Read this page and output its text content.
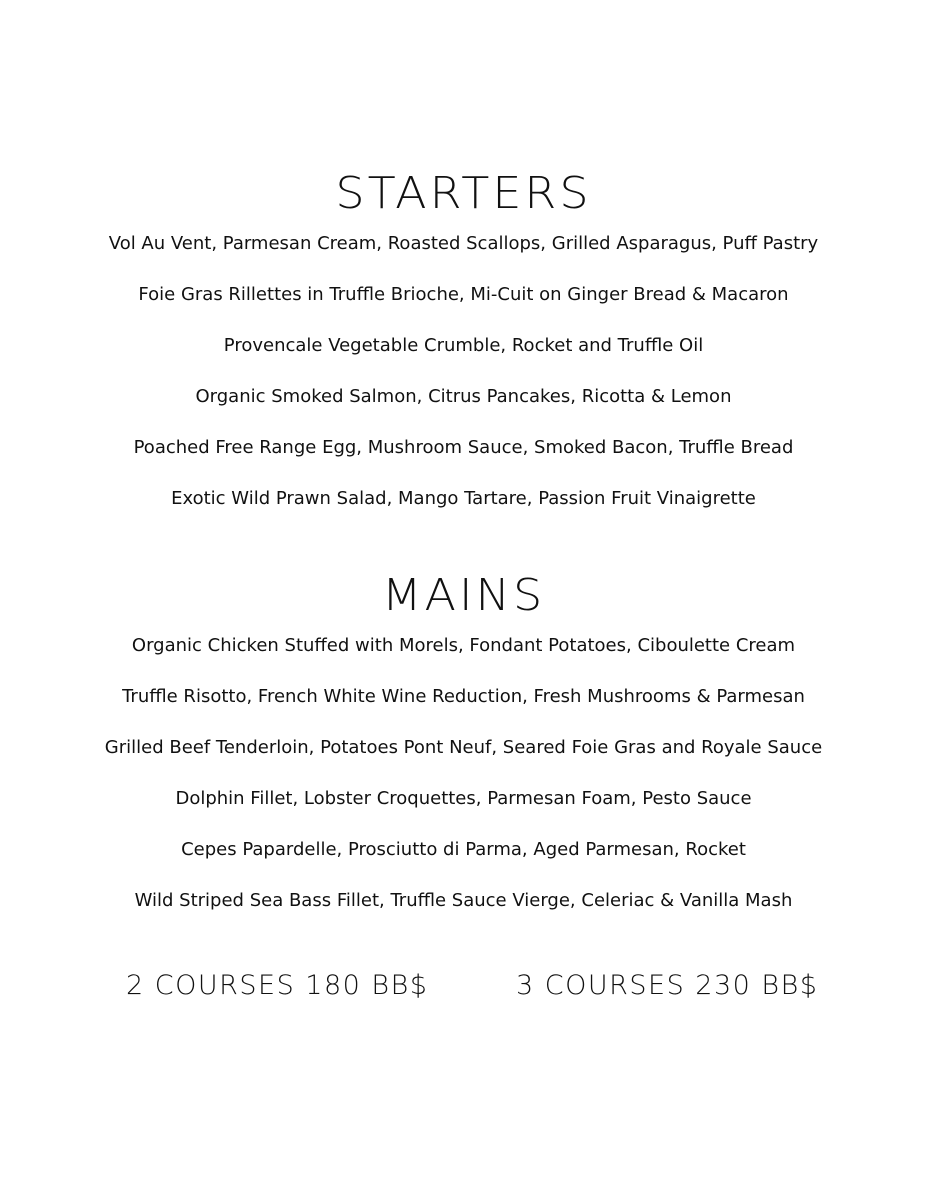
STARTERS
Vol Au Vent, Parmesan Cream, Roasted Scallops, Grilled Asparagus, Puff Pastry
Foie Gras Rillettes in Truffle Brioche, Mi-Cuit on Ginger Bread & Macaron
Provencale Vegetable Crumble, Rocket and Truffle Oil
Organic Smoked Salmon, Citrus Pancakes, Ricotta & Lemon
Poached Free Range Egg, Mushroom Sauce, Smoked Bacon, Truffle Bread
Exotic Wild Prawn Salad, Mango Tartare, Passion Fruit Vinaigrette
MAINS
Organic Chicken Stuffed with Morels, Fondant Potatoes, Ciboulette Cream
Truffle Risotto, French White Wine Reduction, Fresh Mushrooms & Parmesan
Grilled Beef Tenderloin, Potatoes Pont Neuf, Seared Foie Gras and Royale Sauce
Dolphin Fillet, Lobster Croquettes, Parmesan Foam, Pesto Sauce
Cepes Papardelle, Prosciutto di Parma, Aged Parmesan, Rocket
Wild Striped Sea Bass Fillet, Truffle Sauce Vierge, Celeriac & Vanilla Mash
2 COURSES 180 BB$	3 COURSES 230 BB$
